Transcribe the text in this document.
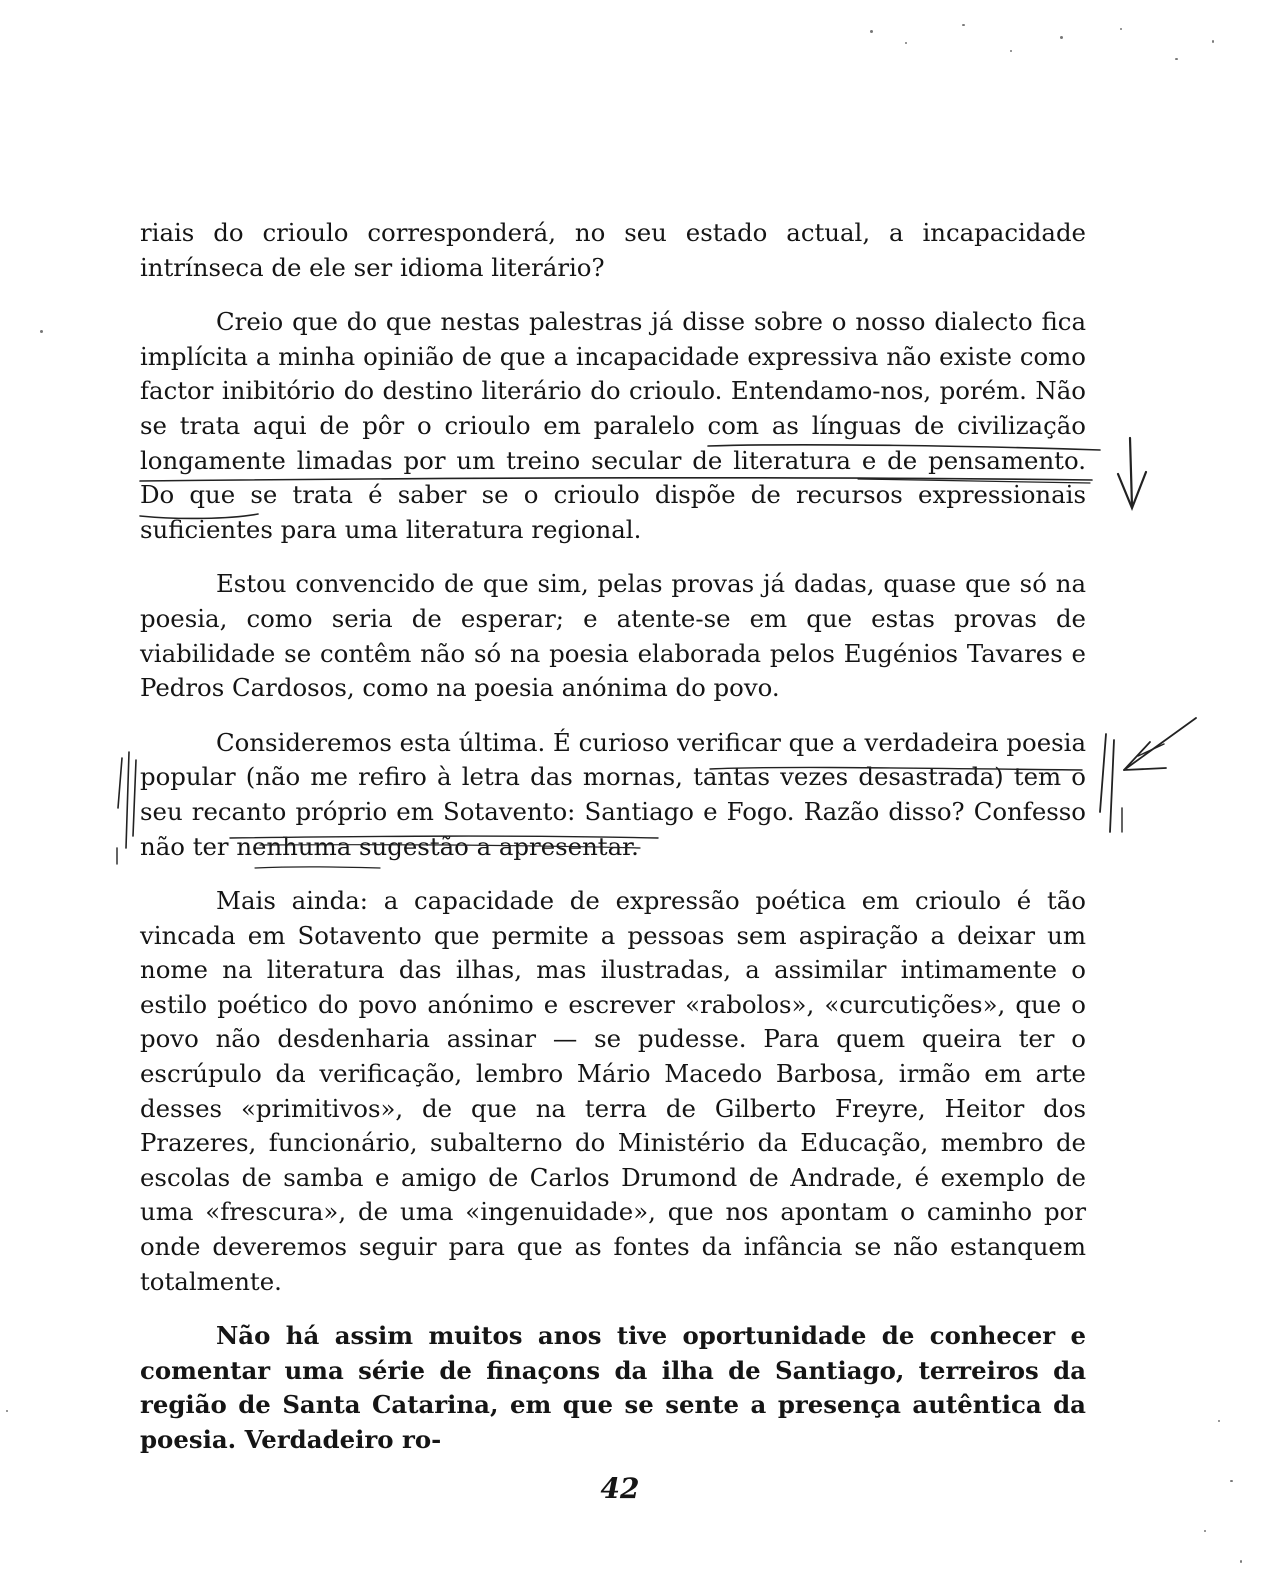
riais do crioulo corresponderá, no seu estado actual, a incapacidade intrínseca de ele ser idioma literário?

Creio que do que nestas palestras já disse sobre o nosso dialecto fica implícita a minha opinião de que a incapacidade expressiva não existe como factor inibitório do destino literário do crioulo. Entendamo-nos, porém. Não se trata aqui de pôr o crioulo em paralelo com as línguas de civilização longamente limadas por um treino secular de literatura e de pensamento. Do que se trata é saber se o crioulo dispõe de recursos expressionais suficientes para uma literatura regional.

Estou convencido de que sim, pelas provas já dadas, quase que só na poesia, como seria de esperar; e atente-se em que estas provas de viabilidade se contêm não só na poesia elaborada pelos Eugénios Tavares e Pedros Cardosos, como na poesia anónima do povo.

Consideremos esta última. É curioso verificar que a verdadeira poesia popular (não me refiro à letra das mornas, tantas vezes desastrada) tem o seu recanto próprio em Sotavento: Santiago e Fogo. Razão disso? Confesso não ter nenhuma sugestão a apresentar.

Mais ainda: a capacidade de expressão poética em crioulo é tão vincada em Sotavento que permite a pessoas sem aspiração a deixar um nome na literatura das ilhas, mas ilustradas, a assimilar intimamente o estilo poético do povo anónimo e escrever «rabolos», «curcutições», que o povo não desdenharia assinar — se pudesse. Para quem queira ter o escrúpulo da verificação, lembro Mário Macedo Barbosa, irmão em arte desses «primitivos», de que na terra de Gilberto Freyre, Heitor dos Prazeres, funcionário, subalterno do Ministério da Educação, membro de escolas de samba e amigo de Carlos Drumond de Andrade, é exemplo de uma «frescura», de uma «ingenuidade», que nos apontam o caminho por onde deveremos seguir para que as fontes da infância se não estanquem totalmente.

Não há assim muitos anos tive oportunidade de conhecer e comentar uma série de finaçons da ilha de Santiago, terreiros da região de Santa Catarina, em que se sente a presença autêntica da poesia. Verdadeiro ro-

42
